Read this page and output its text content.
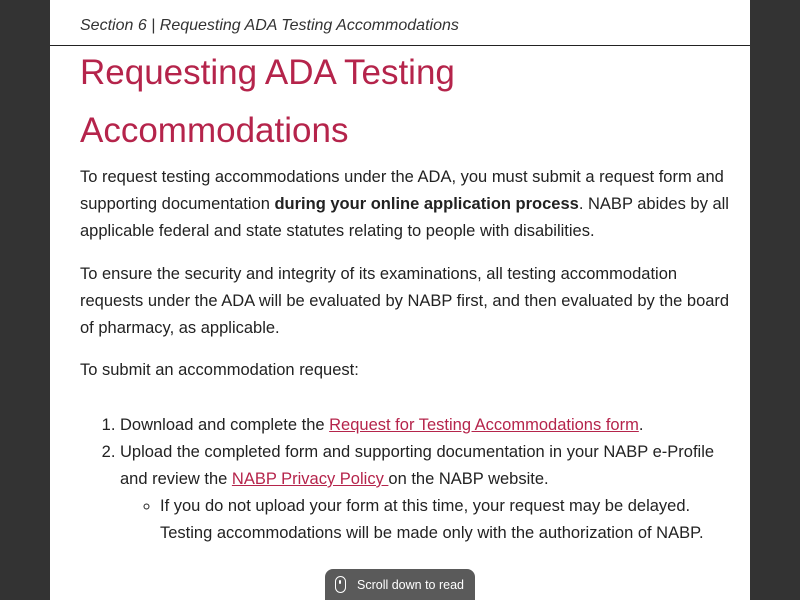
Section 6 | Requesting ADA Testing Accommodations
Requesting ADA Testing Accommodations

To request testing accommodations under the ADA, you must submit a request form and supporting documentation during your online application process. NABP abides by all applicable federal and state statutes relating to people with disabilities.

To ensure the security and integrity of its examinations, all testing accommodation requests under the ADA will be evaluated by NABP first, and then evaluated by the board of pharmacy, as applicable.

To submit an accommodation request:

1. Download and complete the Request for Testing Accommodations form.
2. Upload the completed form and supporting documentation in your NABP e-Profile and review the NABP Privacy Policy on the NABP website.
◦ If you do not upload your form at this time, your request may be delayed. Testing accommodations will be made only with the authorization of NABP.
Scroll down to read
